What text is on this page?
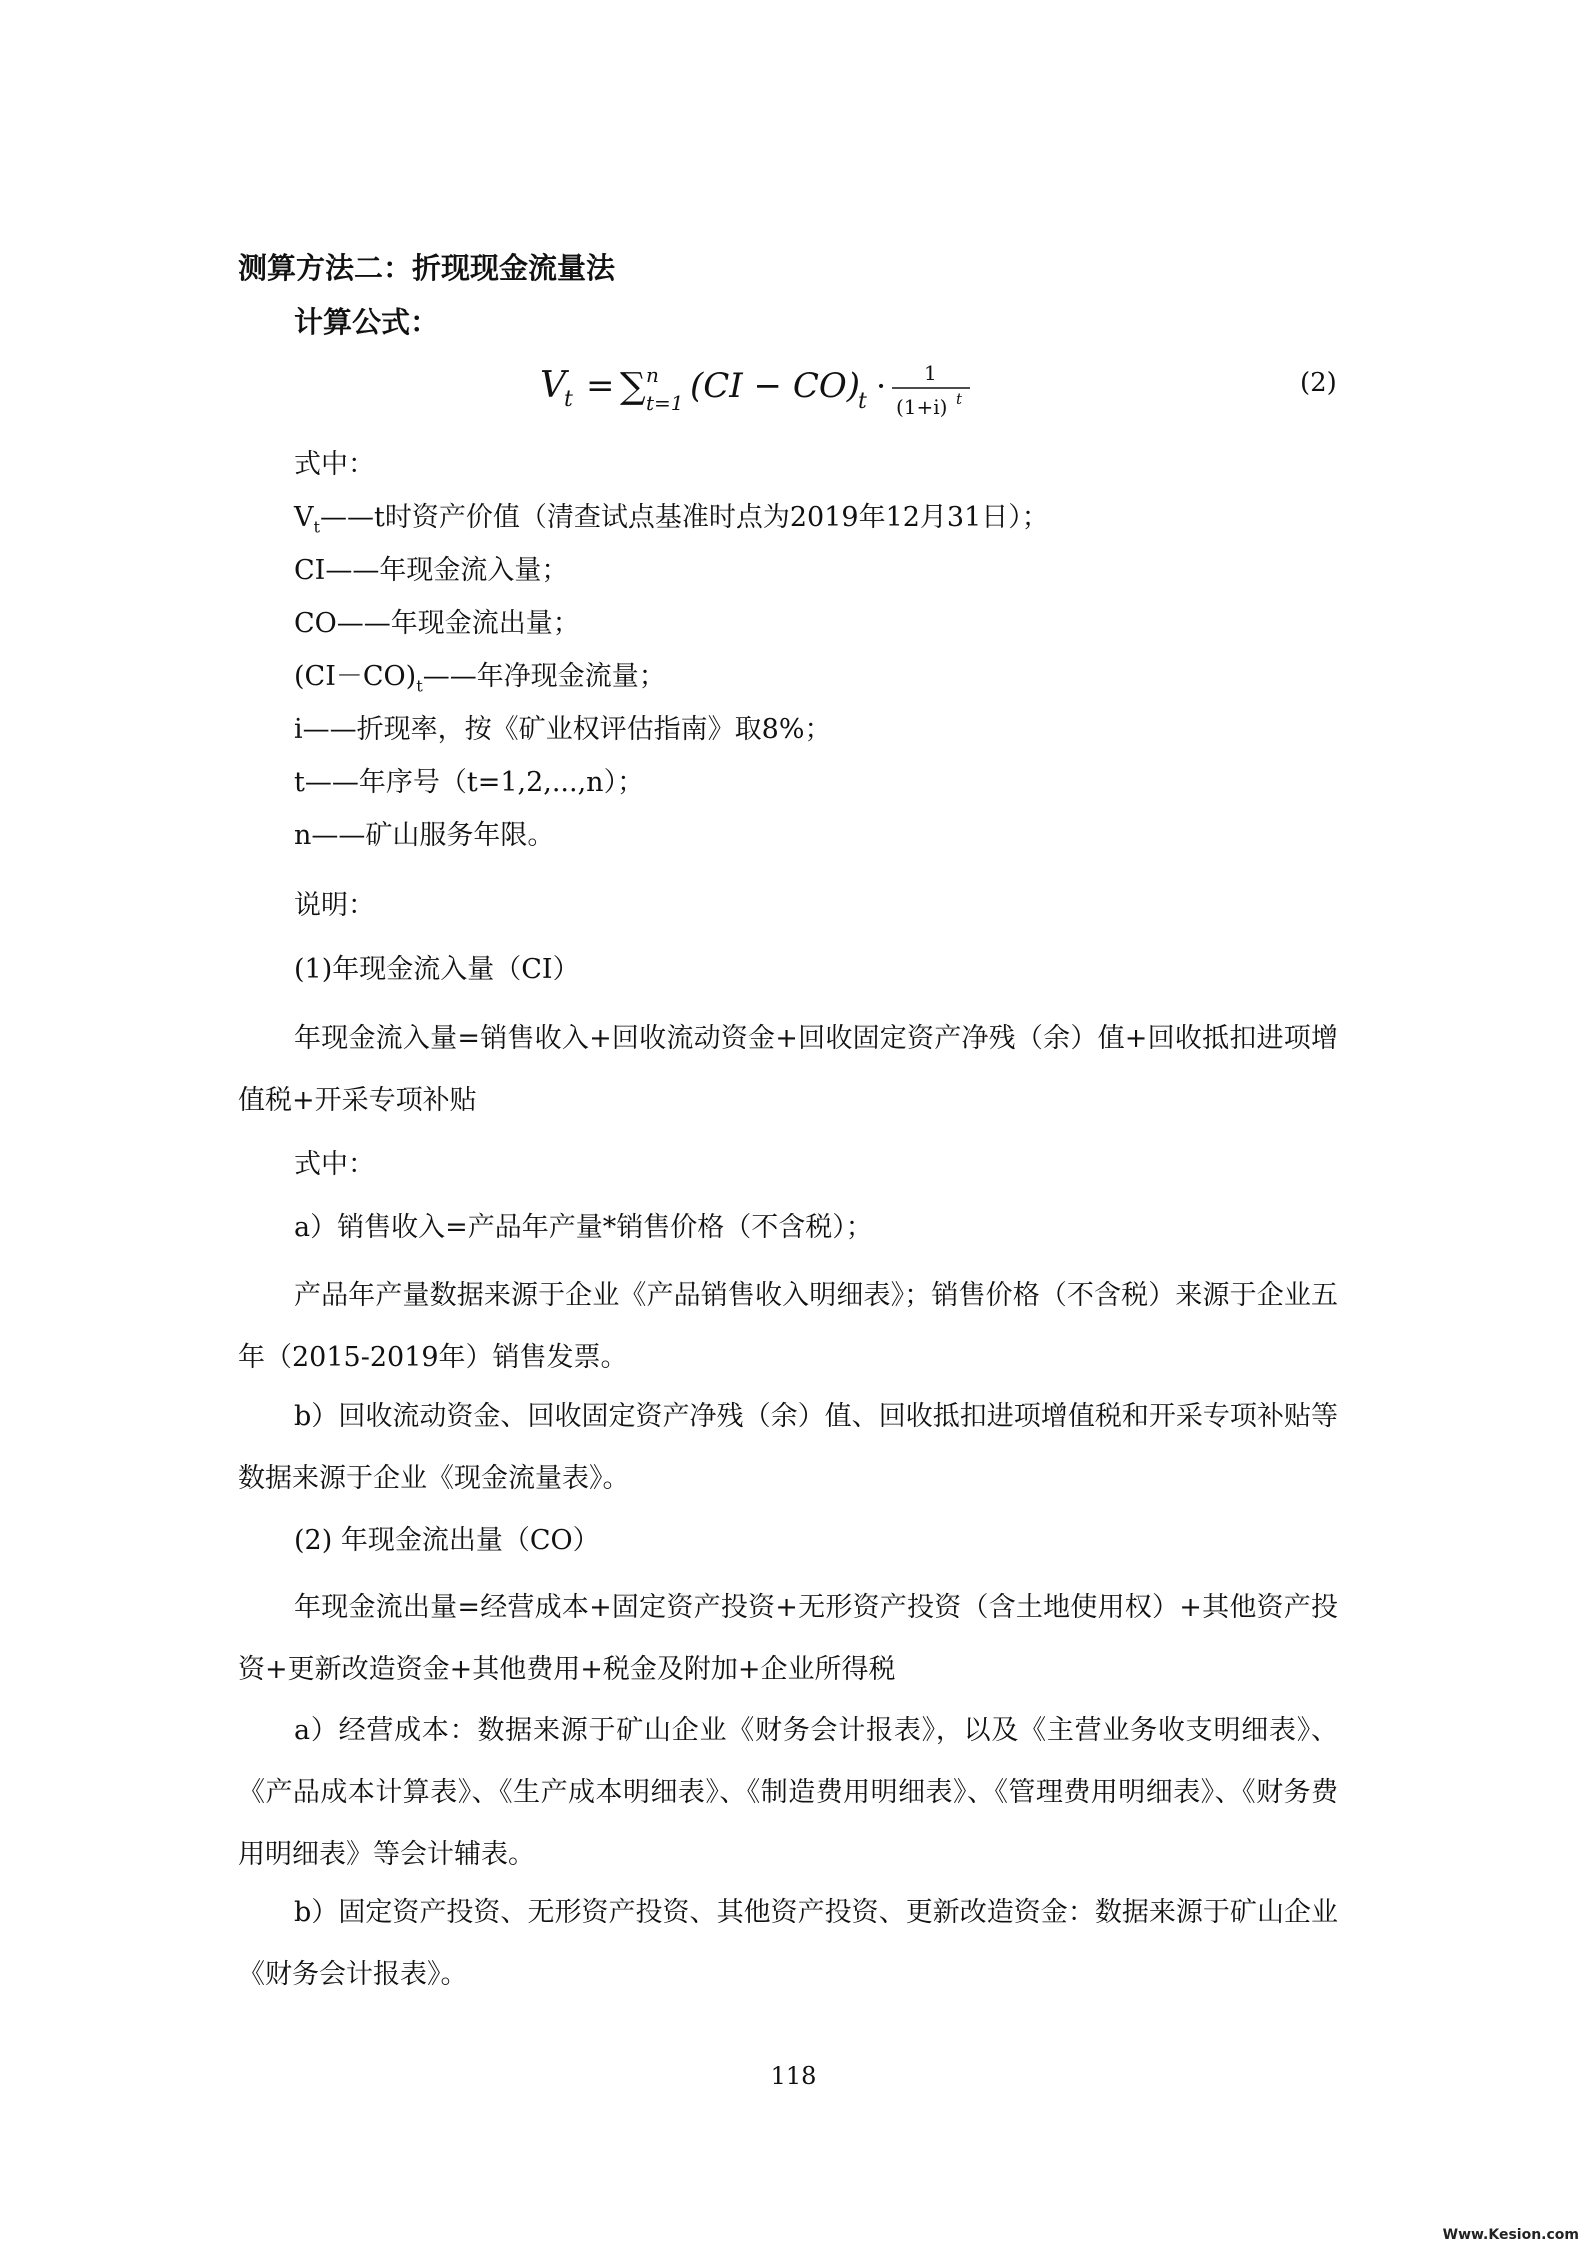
测算方法二：折现现金流量法
计算公式：
V
t = ∑ n
t=1 (CI − CO)
t · 1
(1+i) t
(2)
式中：
$V_t——t$时资产价值（清查试点基准时点为2019年12月31日）；
CI——年现金流入量；
CO——年现金流出量；
$(CI-CO)_t——$年净现金流量；
i——折现率，按《矿业权评估指南》取8%；
t——年序号（t=1,2,...,n）；
n——矿山服务年限。
说明：
(1)年现金流入量（CI）
年现金流入量=销售收入+回收流动资金+回收固定资产净残（余）值+回收抵扣进项增值税+开采专项补贴
式中：
a）销售收入=产品年产量*销售价格（不含税）；
产品年产量数据来源于企业《产品销售收入明细表》；销售价格（不含税）来源于企业五年（2015-2019年）销售发票。
b）回收流动资金、回收固定资产净残（余）值、回收抵扣进项增值税和开采专项补贴等数据来源于企业《现金流量表》。
(2) 年现金流出量（CO）
年现金流出量=经营成本+固定资产投资+无形资产投资（含土地使用权）+其他资产投资+更新改造资金+其他费用+税金及附加+企业所得税
a）经营成本：数据来源于矿山企业《财务会计报表》，以及《主营业务收支明细表》、《产品成本计算表》、《生产成本明细表》、《制造费用明细表》、《管理费用明细表》、《财务费用明细表》等会计辅表。
b）固定资产投资、无形资产投资、其他资产投资、更新改造资金：数据来源于矿山企业《财务会计报表》。
118
Www.Kesion.com
